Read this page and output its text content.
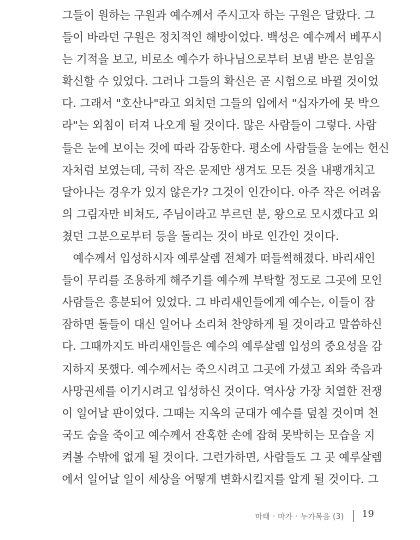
그들이 원하는 구원과 예수께서 주시고자 하는 구원은 달랐다. 그
들이 바라던 구원은 정치적인 해방이었다. 백성은 예수께서 베푸시
는 기적을 보고, 비로소 예수가 하나님으로부터 보냄 받은 분임을
확신할 수 있었다. 그러나 그들의 확신은 곧 시험으로 바뀔 것이었
다. 그래서 "호산나"라고 외치던 그들의 입에서 "십자가에 못 박으
라"는 외침이 터져 나오게 될 것이다. 많은 사람들이 그렇다. 사람
들은 눈에 보이는 것에 따라 감동한다. 평소에 사람들을 눈에는 헌신
자처럼 보였는데, 극히 작은 문제만 생겨도 모든 것을 내팽개치고
달아나는 경우가 있지 않은가? 그것이 인간이다. 아주 작은 어려움
의 그림자만 비쳐도, 주님이라고 부르던 분, 왕으로 모시겠다고 외
쳤던 그분으로부터 등을 돌리는 것이 바로 인간인 것이다.
예수께서 입성하시자 예루살렘 전체가 떠들썩해졌다. 바리새인
들이 무리를 조용하게 해주기를 예수께 부탁할 정도로 그곳에 모인
사람들은 흥분되어 있었다. 그 바리새인들에게 예수는, 이들이 잠
잠하면 돌들이 대신 일어나 소리쳐 찬양하게 될 것이라고 말씀하신
다. 그때까지도 바리새인들은 예수의 예루살렘 입성의 중요성을 감
지하지 못했다. 예수께서는 죽으시려고 그곳에 가셨고 죄와 죽음과
사망권세를 이기시려고 입성하신 것이다. 역사상 가장 치열한 전쟁
이 일어날 판이었다. 그때는 지옥의 군대가 예수를 덮칠 것이며 천
국도 숨을 죽이고 예수께서 잔혹한 손에 잡혀 못박히는 모습을 지
켜볼 수밖에 없게 될 것이다. 그런가하면, 사람들도 그 곳 예루살렘
에서 일어날 일이 세상을 어떻게 변화시킬지를 알게 될 것이다. 그
마태 · 마가 · 누가복음 (3) 19
